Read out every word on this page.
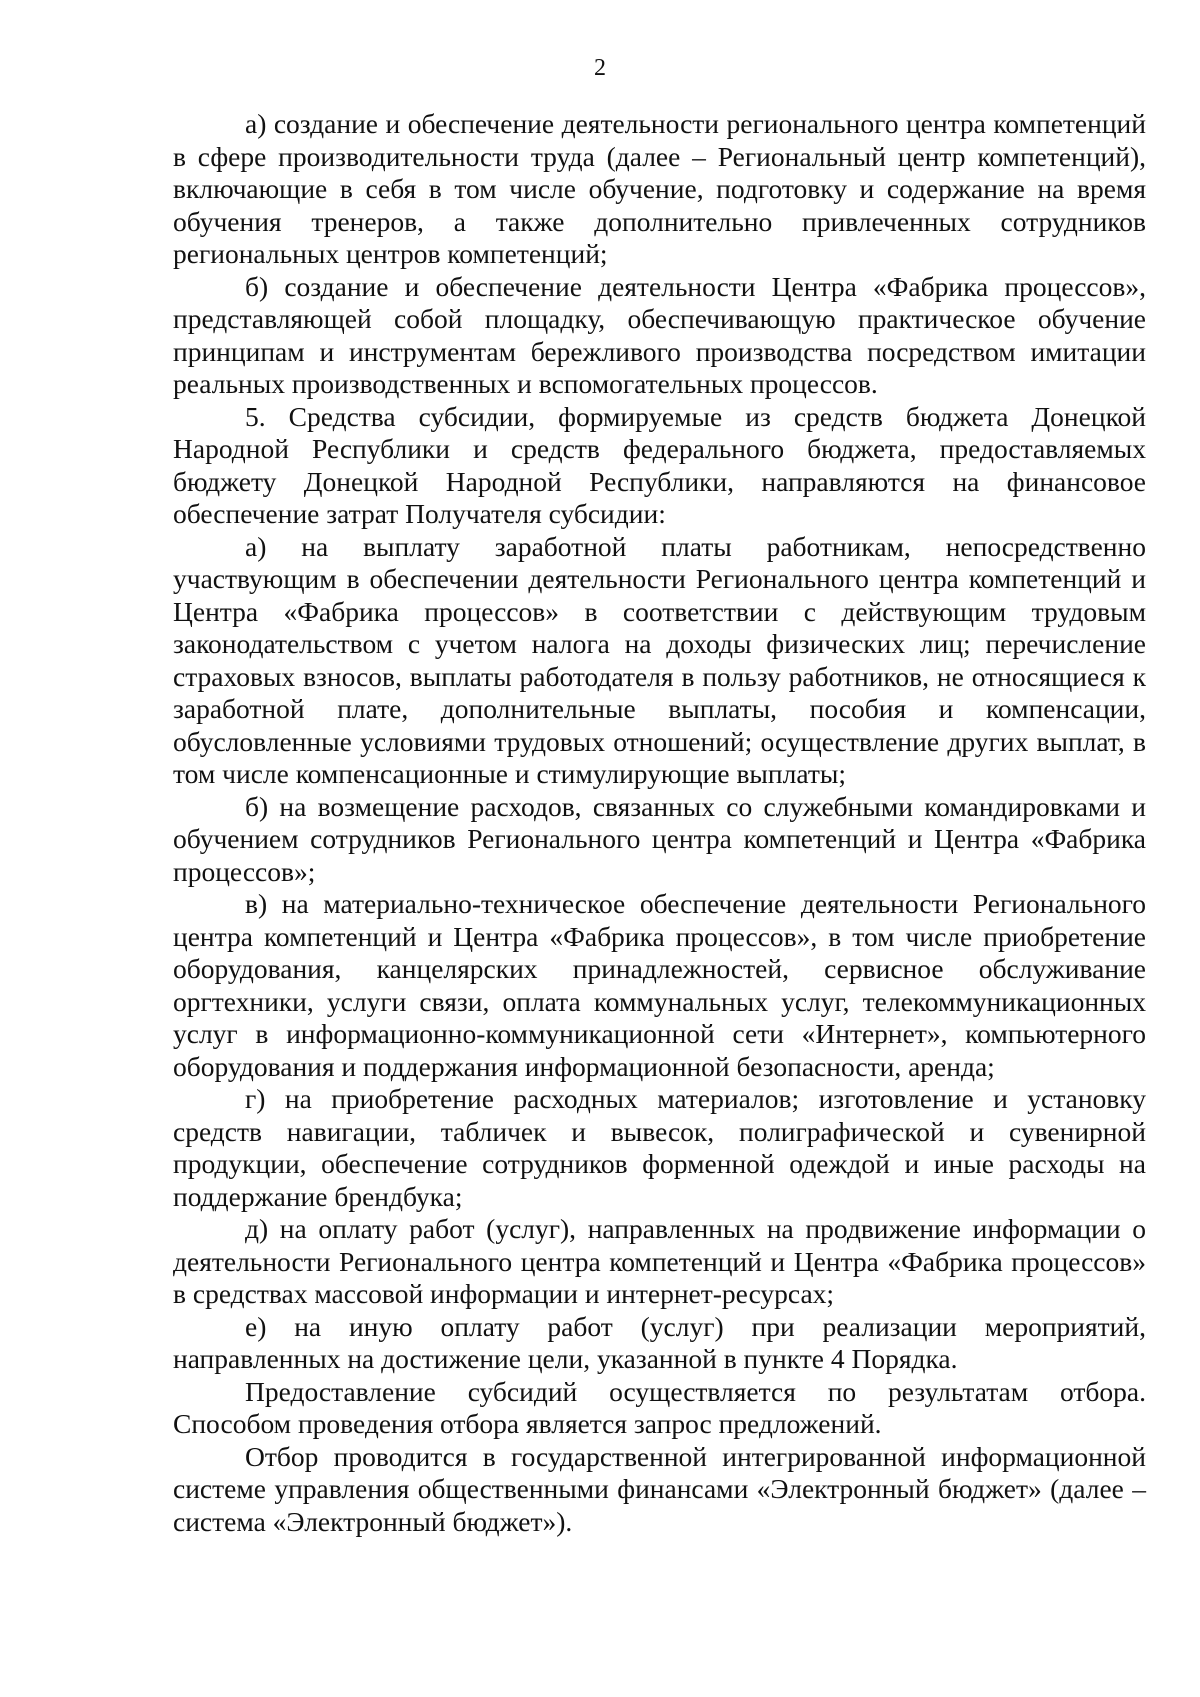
2

а) создание и обеспечение деятельности регионального центра компетенций в сфере производительности труда (далее – Региональный центр компетенций), включающие в себя в том числе обучение, подготовку и содержание на время обучения тренеров, а также дополнительно привлеченных сотрудников региональных центров компетенций;

б) создание и обеспечение деятельности Центра «Фабрика процессов», представляющей собой площадку, обеспечивающую практическое обучение принципам и инструментам бережливого производства посредством имитации реальных производственных и вспомогательных процессов.

5. Средства субсидии, формируемые из средств бюджета Донецкой Народной Республики и средств федерального бюджета, предоставляемых бюджету Донецкой Народной Республики, направляются на финансовое обеспечение затрат Получателя субсидии:

а) на выплату заработной платы работникам, непосредственно участвующим в обеспечении деятельности Регионального центра компетенций и Центра «Фабрика процессов» в соответствии с действующим трудовым законодательством с учетом налога на доходы физических лиц; перечисление страховых взносов, выплаты работодателя в пользу работников, не относящиеся к заработной плате, дополнительные выплаты, пособия и компенсации, обусловленные условиями трудовых отношений; осуществление других выплат, в том числе компенсационные и стимулирующие выплаты;

б) на возмещение расходов, связанных со служебными командировками и обучением сотрудников Регионального центра компетенций и Центра «Фабрика процессов»;

в) на материально-техническое обеспечение деятельности Регионального центра компетенций и Центра «Фабрика процессов», в том числе приобретение оборудования, канцелярских принадлежностей, сервисное обслуживание оргтехники, услуги связи, оплата коммунальных услуг, телекоммуникационных услуг в информационно-коммуникационной сети «Интернет», компьютерного оборудования и поддержания информационной безопасности, аренда;

г) на приобретение расходных материалов; изготовление и установку средств навигации, табличек и вывесок, полиграфической и сувенирной продукции, обеспечение сотрудников форменной одеждой и иные расходы на поддержание брендбука;

д) на оплату работ (услуг), направленных на продвижение информации о деятельности Регионального центра компетенций и Центра «Фабрика процессов» в средствах массовой информации и интернет-ресурсах;

е) на иную оплату работ (услуг) при реализации мероприятий, направленных на достижение цели, указанной в пункте 4 Порядка.

Предоставление субсидий осуществляется по результатам отбора. Способом проведения отбора является запрос предложений.

Отбор проводится в государственной интегрированной информационной системе управления общественными финансами «Электронный бюджет» (далее – система «Электронный бюджет»).
